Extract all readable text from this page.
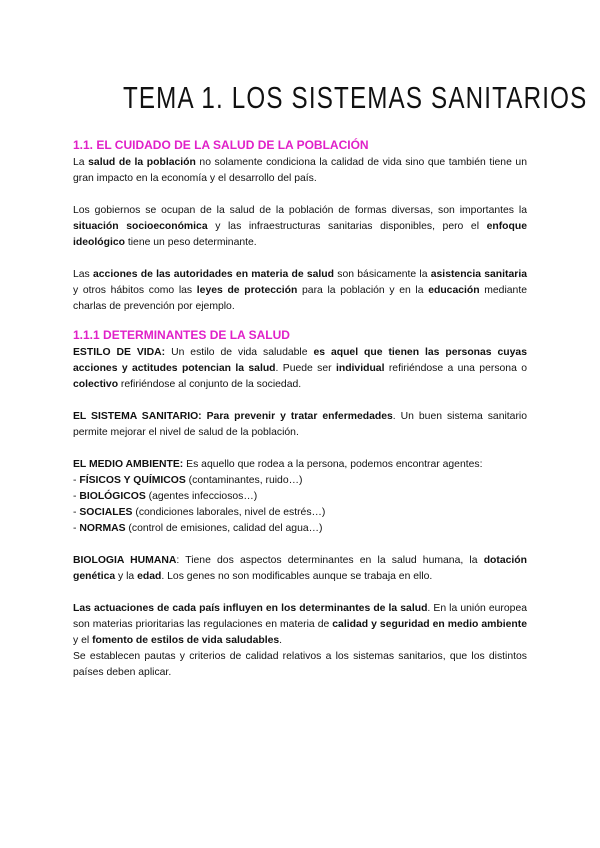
TEMA 1. LOS SISTEMAS SANITARIOS
1.1. EL CUIDADO DE LA SALUD DE LA POBLACIÓN

La salud de la población no solamente condiciona la calidad de vida sino que también tiene un gran impacto en la economía y el desarrollo del país.

Los gobiernos se ocupan de la salud de la población de formas diversas, son importantes la situación socioeconómica y las infraestructuras sanitarias disponibles, pero el enfoque ideológico tiene un peso determinante.

Las acciones de las autoridades en materia de salud son básicamente la asistencia sanitaria y otros hábitos como las leyes de protección para la población y en la educación mediante charlas de prevención por ejemplo.

1.1.1 DETERMINANTES DE LA SALUD

ESTILO DE VIDA: Un estilo de vida saludable es aquel que tienen las personas cuyas acciones y actitudes potencian la salud. Puede ser individual refiriéndose a una persona o colectivo refiriéndose al conjunto de la sociedad.

EL SISTEMA SANITARIO: Para prevenir y tratar enfermedades. Un buen sistema sanitario permite mejorar el nivel de salud de la población.

EL MEDIO AMBIENTE: Es aquello que rodea a la persona, podemos encontrar agentes:

- FÍSICOS Y QUÍMICOS (contaminantes, ruido…)

- BIOLÓGICOS (agentes infecciosos…)

- SOCIALES (condiciones laborales, nivel de estrés…)

- NORMAS (control de emisiones, calidad del agua…)

BIOLOGIA HUMANA: Tiene dos aspectos determinantes en la salud humana, la dotación genética y la edad. Los genes no son modificables aunque se trabaja en ello.

Las actuaciones de cada país influyen en los determinantes de la salud. En la unión europea son materias prioritarias las regulaciones en materia de calidad y seguridad en medio ambiente y el fomento de estilos de vida saludables.

Se establecen pautas y criterios de calidad relativos a los sistemas sanitarios, que los distintos países deben aplicar.
